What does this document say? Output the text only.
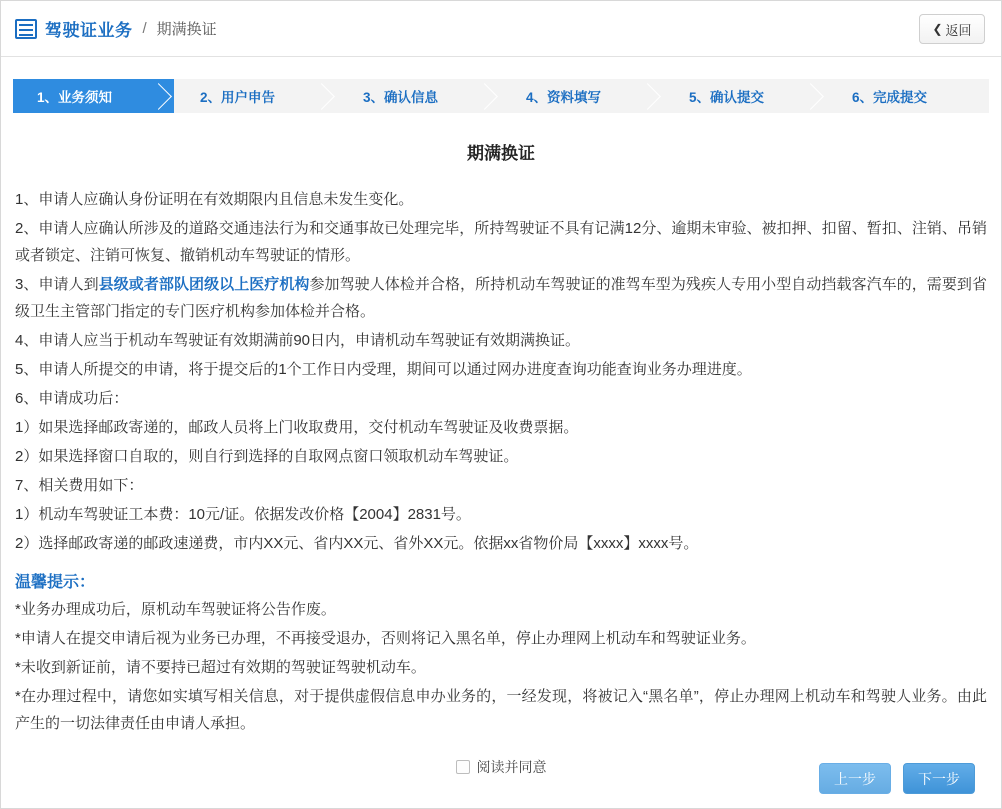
驾驶证业务 / 期满换证	❮ 返回
1、业务须知	2、用户申告	3、确认信息	4、资料填写	5、确认提交	6、完成提交
期满换证

1、申请人应确认身份证明在有效期限内且信息未发生变化。

2、申请人应确认所涉及的道路交通违法行为和交通事故已处理完毕，所持驾驶证不具有记满12分、逾期未审验、被扣押、扣留、暂扣、注销、吊销或者锁定、注销可恢复、撤销机动车驾驶证的情形。

3、申请人到县级或者部队团级以上医疗机构参加驾驶人体检并合格，所持机动车驾驶证的准驾车型为残疾人专用小型自动挡载客汽车的，需要到省级卫生主管部门指定的专门医疗机构参加体检并合格。

4、申请人应当于机动车驾驶证有效期满前90日内，申请机动车驾驶证有效期满换证。

5、申请人所提交的申请，将于提交后的1个工作日内受理，期间可以通过网办进度查询功能查询业务办理进度。

6、申请成功后：

1）如果选择邮政寄递的，邮政人员将上门收取费用，交付机动车驾驶证及收费票据。

2）如果选择窗口自取的，则自行到选择的自取网点窗口领取机动车驾驶证。

7、相关费用如下：

1）机动车驾驶证工本费：10元/证。依据发改价格【2004】2831号。

2）选择邮政寄递的邮政速递费，市内XX元、省内XX元、省外XX元。依据xx省物价局【xxxx】xxxx号。

温馨提示：

*业务办理成功后，原机动车驾驶证将公告作废。

*申请人在提交申请后视为业务已办理，不再接受退办，否则将记入黑名单，停止办理网上机动车和驾驶证业务。

*未收到新证前，请不要持已超过有效期的驾驶证驾驶机动车。

*在办理过程中，请您如实填写相关信息，对于提供虚假信息申办业务的，一经发现，将被记入“黑名单”，停止办理网上机动车和驾驶人业务。由此产生的一切法律责任由申请人承担。

阅读并同意
上一步	下一步
